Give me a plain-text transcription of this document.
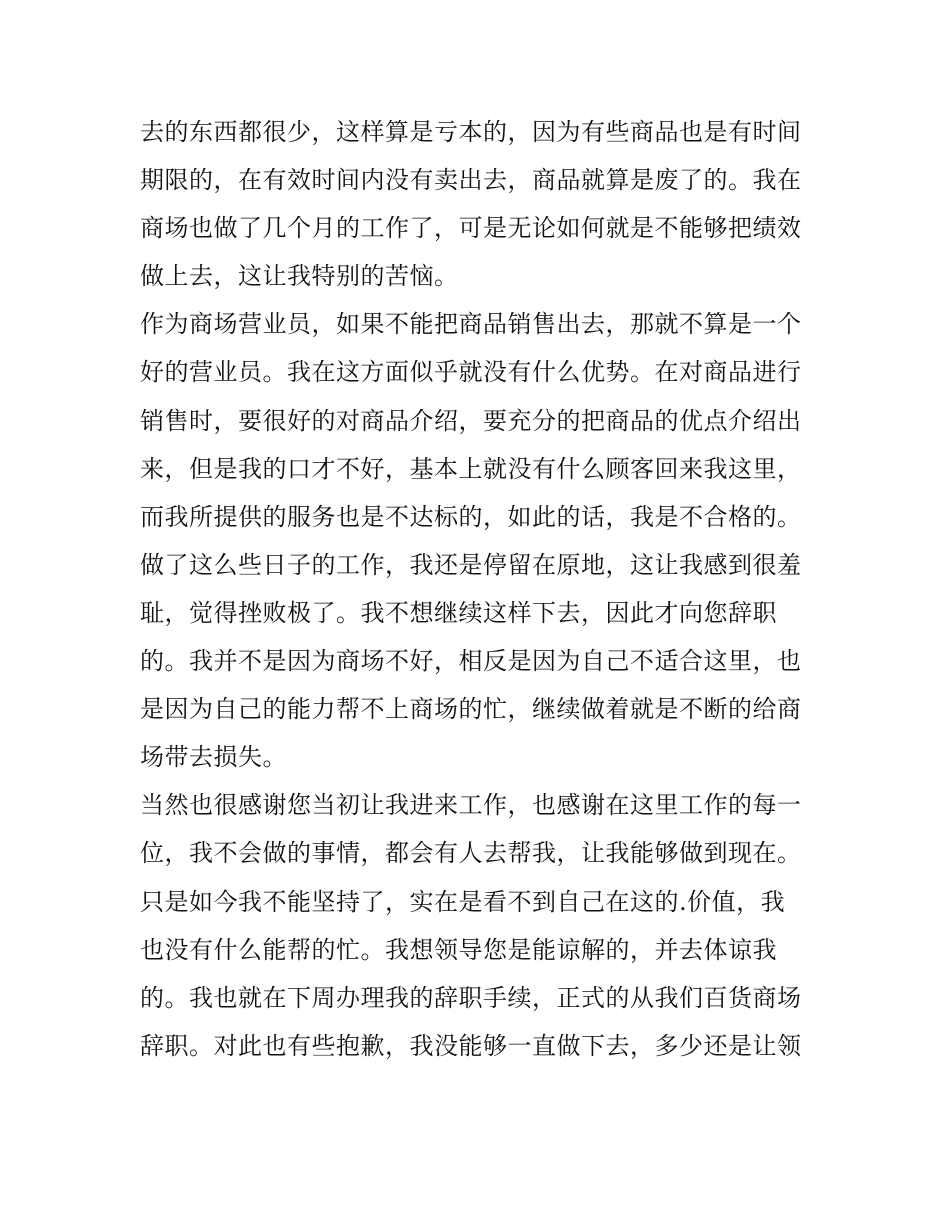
去的东西都很少，这样算是亏本的，因为有些商品也是有时间
期限的，在有效时间内没有卖出去，商品就算是废了的。我在
商场也做了几个月的工作了，可是无论如何就是不能够把绩效
做上去，这让我特别的苦恼。
作为商场营业员，如果不能把商品销售出去，那就不算是一个
好的营业员。我在这方面似乎就没有什么优势。在对商品进行
销售时，要很好的对商品介绍，要充分的把商品的优点介绍出
来，但是我的口才不好，基本上就没有什么顾客回来我这里，
而我所提供的服务也是不达标的，如此的话，我是不合格的。
做了这么些日子的工作，我还是停留在原地，这让我感到很羞
耻，觉得挫败极了。我不想继续这样下去，因此才向您辞职
的。我并不是因为商场不好，相反是因为自己不适合这里，也
是因为自己的能力帮不上商场的忙，继续做着就是不断的给商
场带去损失。
当然也很感谢您当初让我进来工作，也感谢在这里工作的每一
位，我不会做的事情，都会有人去帮我，让我能够做到现在。
只是如今我不能坚持了，实在是看不到自己在这的.价值，我
也没有什么能帮的忙。我想领导您是能谅解的，并去体谅我
的。我也就在下周办理我的辞职手续，正式的从我们百货商场
辞职。对此也有些抱歉，我没能够一直做下去，多少还是让领
